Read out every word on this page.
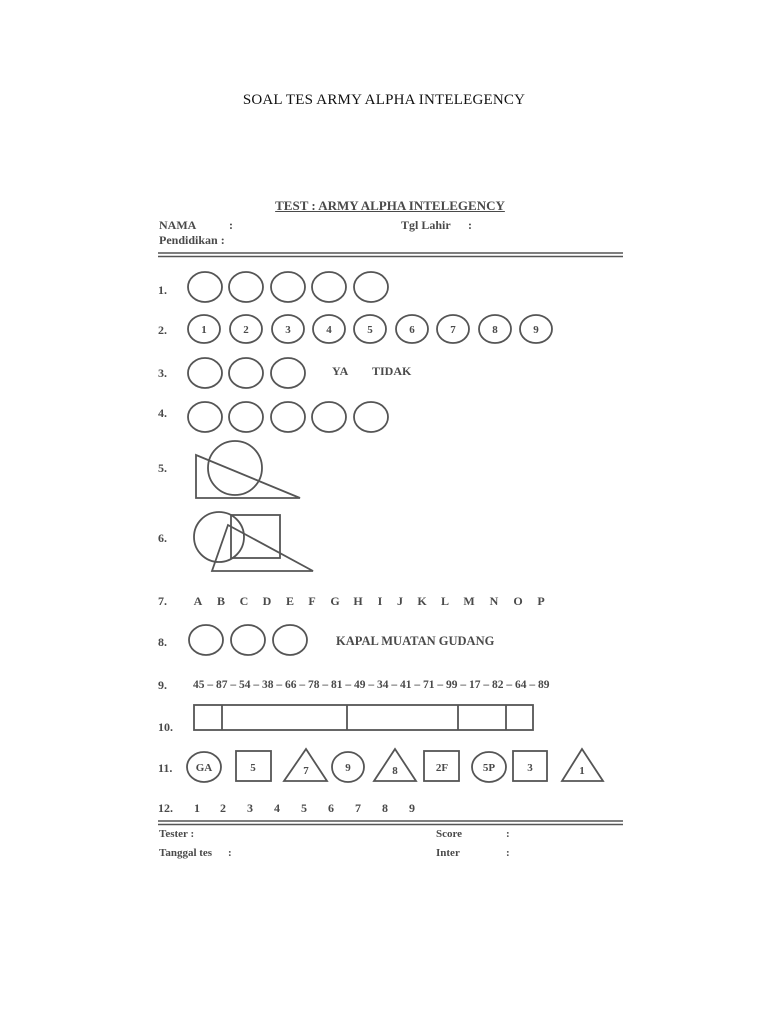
SOAL TES ARMY ALPHA INTELEGENCY
TEST : ARMY ALPHA INTELEGENCY
NAMA	:	Tgl Lahir :
Pendidikan :
1.
2.	1	2	3	4	5	6	7	8	9
3.	YA TIDAK
4.
5.
6.
7. A B C D E F G H I J K L M N O P
8.	KAPAL MUATAN GUDANG
9. 45 – 87 – 54 – 38 – 66 – 78 – 81 – 49 – 34 – 41 – 71 – 99 – 17 – 82 – 64 – 89
10.
11. GA	5	7	9	8	2F	5P	3	1
12. 1 2 3 4 5 6 7 8 9
Tester :
Tanggal tes :
Score	:
Inter	:
